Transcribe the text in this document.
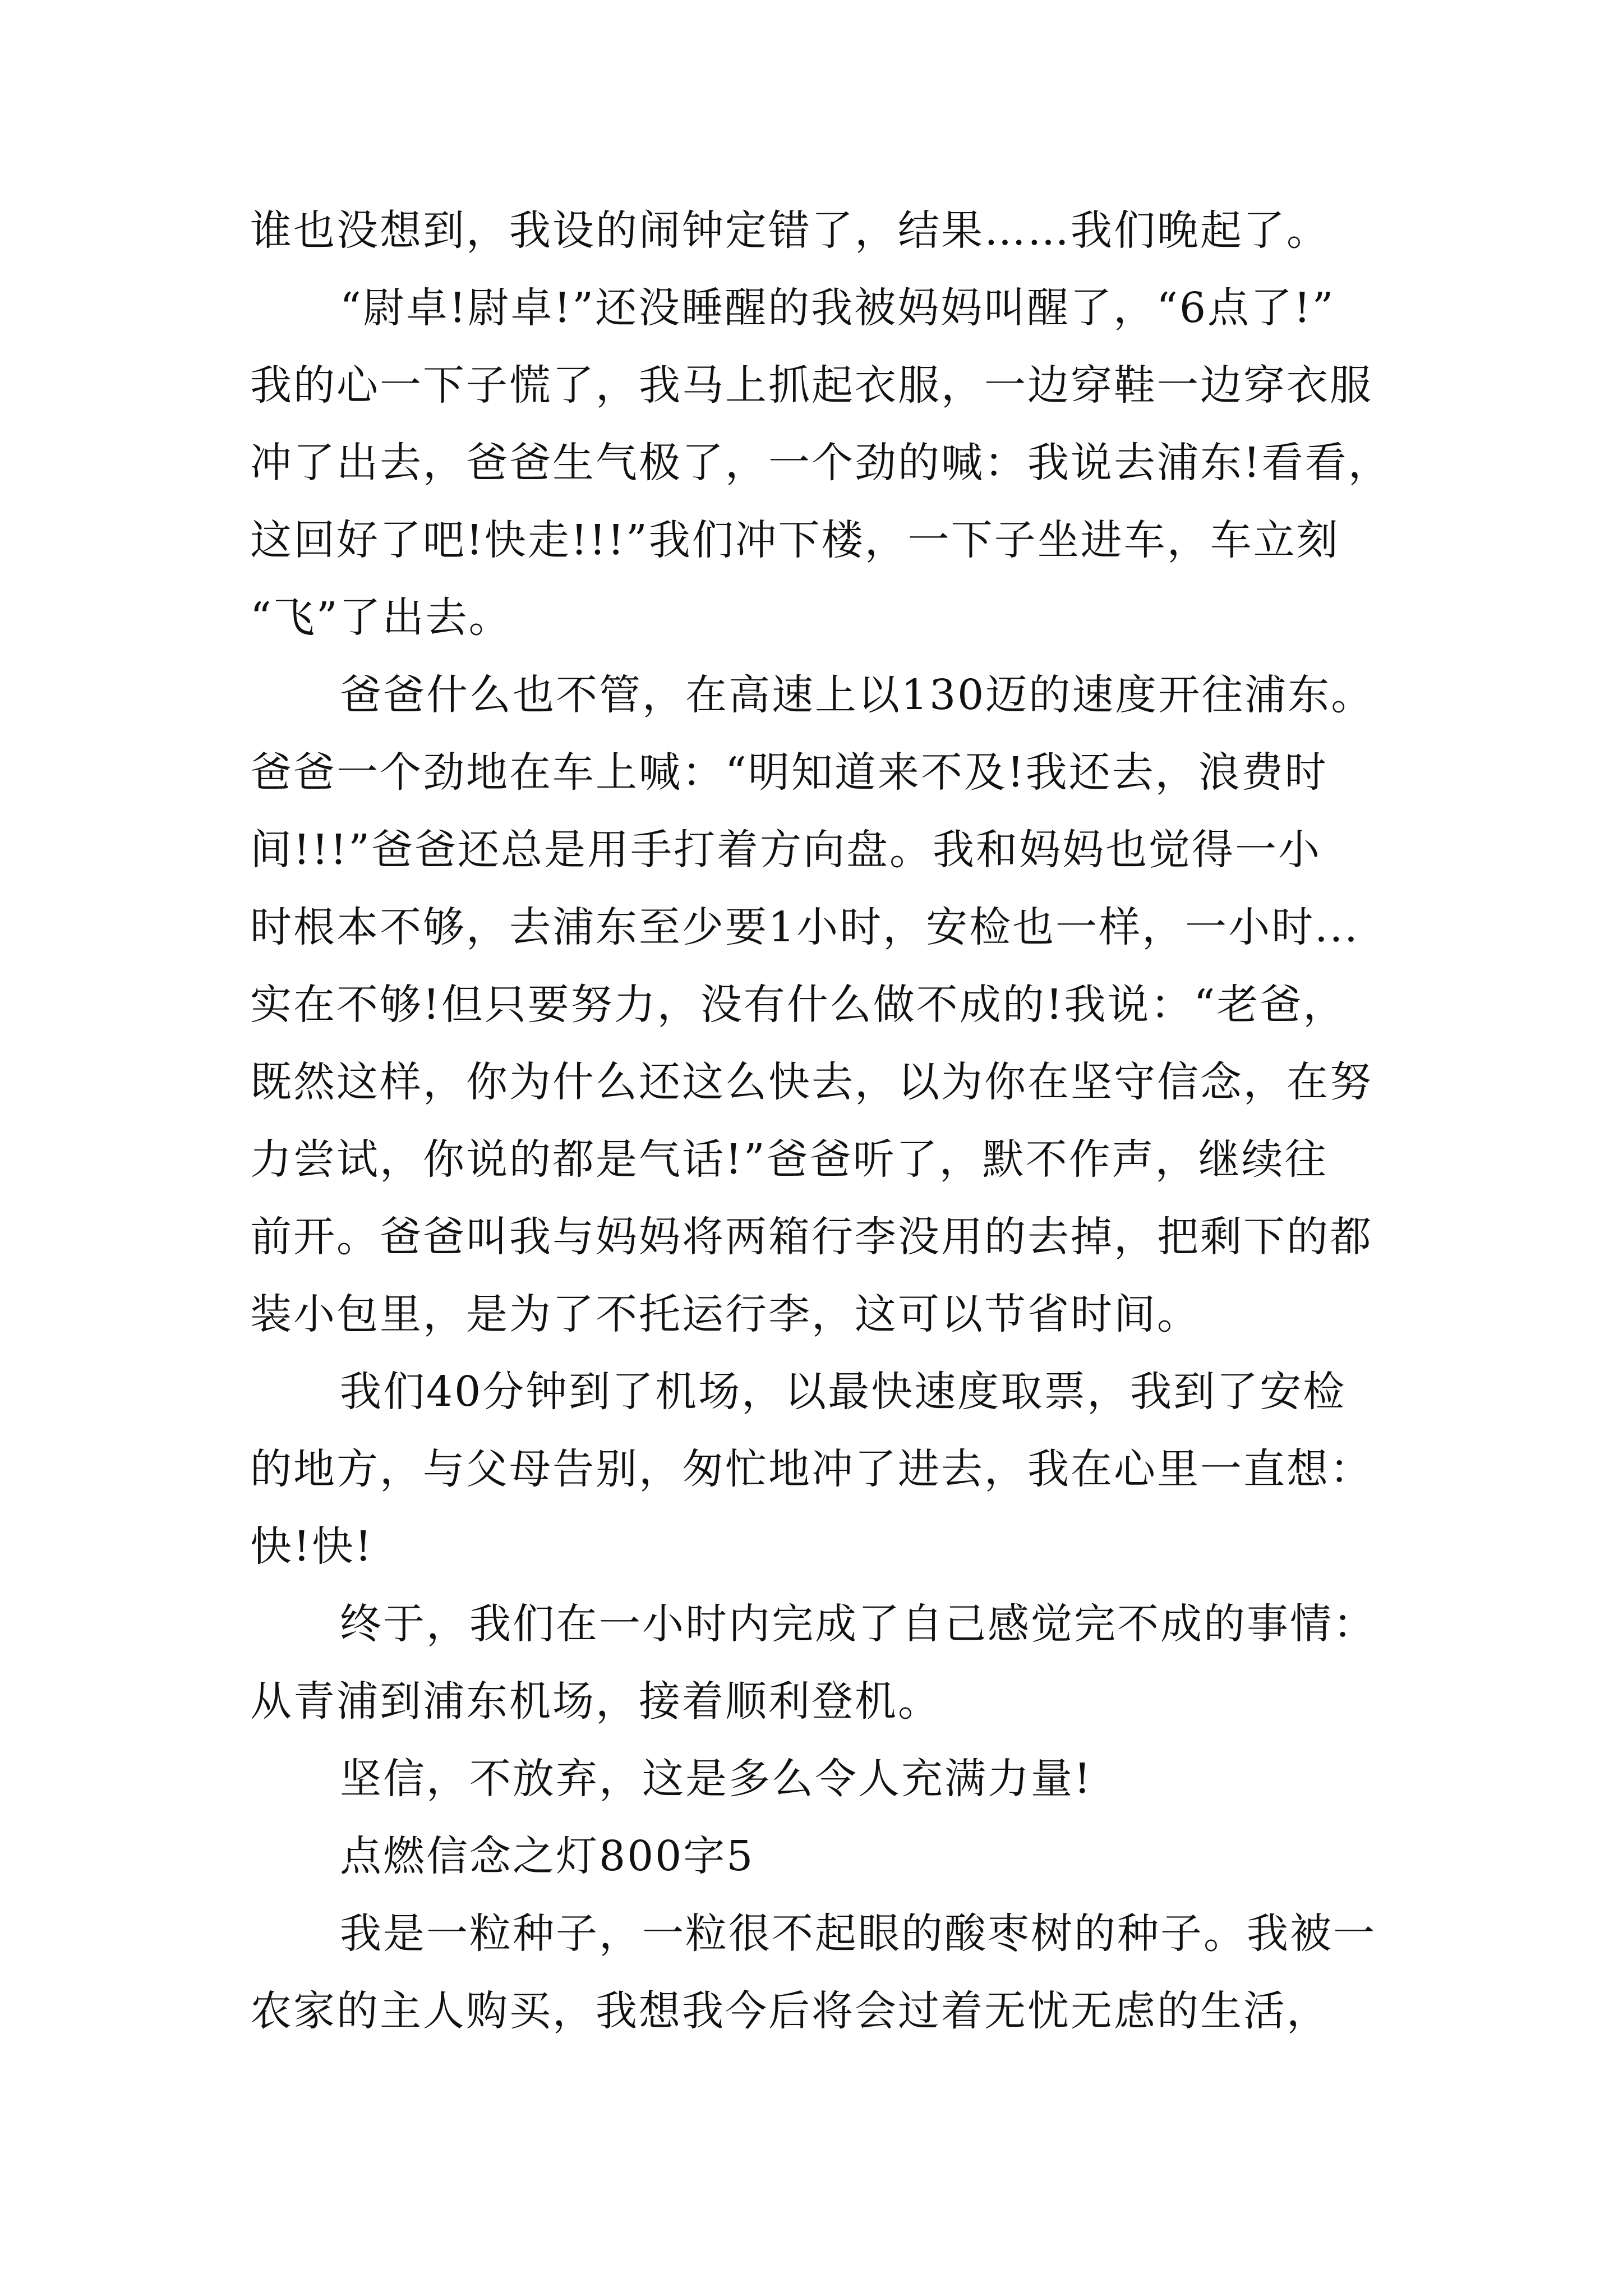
谁也没想到，我设的闹钟定错了，结果……我们晚起了。
“尉卓!尉卓!”还没睡醒的我被妈妈叫醒了，“6点了!”
我的心一下子慌了，我马上抓起衣服，一边穿鞋一边穿衣服
冲了出去，爸爸生气极了，一个劲的喊：我说去浦东!看看，
这回好了吧!快走!!!”我们冲下楼，一下子坐进车，车立刻
“飞”了出去。
爸爸什么也不管，在高速上以130迈的速度开往浦东。
爸爸一个劲地在车上喊：“明知道来不及!我还去，浪费时
间!!!”爸爸还总是用手打着方向盘。我和妈妈也觉得一小
时根本不够，去浦东至少要1小时，安检也一样，一小时...
实在不够!但只要努力，没有什么做不成的!我说：“老爸，
既然这样，你为什么还这么快去，以为你在坚守信念，在努
力尝试，你说的都是气话!”爸爸听了，默不作声，继续往
前开。爸爸叫我与妈妈将两箱行李没用的去掉，把剩下的都
装小包里，是为了不托运行李，这可以节省时间。
我们40分钟到了机场，以最快速度取票，我到了安检
的地方，与父母告别，匆忙地冲了进去，我在心里一直想：
快!快!
终于，我们在一小时内完成了自己感觉完不成的事情：
从青浦到浦东机场，接着顺利登机。
坚信，不放弃，这是多么令人充满力量!
点燃信念之灯800字5
我是一粒种子，一粒很不起眼的酸枣树的种子。我被一
农家的主人购买，我想我今后将会过着无忧无虑的生活，
